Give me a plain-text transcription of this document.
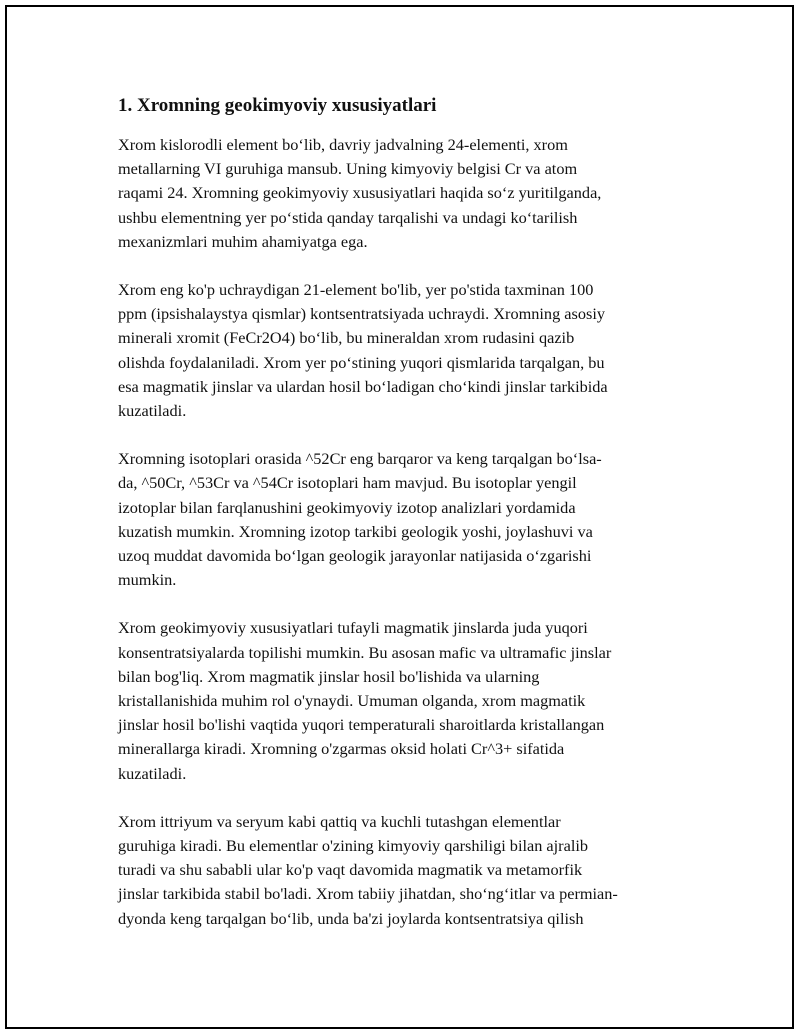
1. Xromning geokimyoviy xususiyatlari

Xrom kislorodli element bo‘lib, davriy jadvalning 24-elementi, xrom
metallarning VI guruhiga mansub. Uning kimyoviy belgisi Cr va atom
raqami 24. Xromning geokimyoviy xususiyatlari haqida so‘z yuritilganda,
ushbu elementning yer po‘stida qanday tarqalishi va undagi ko‘tarilish
mexanizmlari muhim ahamiyatga ega.

Xrom eng ko'p uchraydigan 21-element bo'lib, yer po'stida taxminan 100
ppm (ipsishalaystya qismlar) kontsentratsiyada uchraydi. Xromning asosiy
minerali xromit (FeCr2O4) bo‘lib, bu mineraldan xrom rudasini qazib
olishda foydalaniladi. Xrom yer po‘stining yuqori qismlarida tarqalgan, bu
esa magmatik jinslar va ulardan hosil bo‘ladigan cho‘kindi jinslar tarkibida
kuzatiladi.

Xromning isotoplari orasida ^52Cr eng barqaror va keng tarqalgan bo‘lsa-
da, ^50Cr, ^53Cr va ^54Cr isotoplari ham mavjud. Bu isotoplar yengil
izotoplar bilan farqlanushini geokimyoviy izotop analizlari yordamida
kuzatish mumkin. Xromning izotop tarkibi geologik yoshi, joylashuvi va
uzoq muddat davomida bo‘lgan geologik jarayonlar natijasida o‘zgarishi
mumkin.

Xrom geokimyoviy xususiyatlari tufayli magmatik jinslarda juda yuqori
konsentratsiyalarda topilishi mumkin. Bu asosan mafic va ultramafic jinslar
bilan bog'liq. Xrom magmatik jinslar hosil bo'lishida va ularning
kristallanishida muhim rol o'ynaydi. Umuman olganda, xrom magmatik
jinslar hosil bo'lishi vaqtida yuqori temperaturali sharoitlarda kristallangan
minerallarga kiradi. Xromning o'zgarmas oksid holati Cr^3+ sifatida
kuzatiladi.

Xrom ittriyum va seryum kabi qattiq va kuchli tutashgan elementlar
guruhiga kiradi. Bu elementlar o'zining kimyoviy qarshiligi bilan ajralib
turadi va shu sababli ular ko'p vaqt davomida magmatik va metamorfik
jinslar tarkibida stabil bo'ladi. Xrom tabiiy jihatdan, sho‘ng‘itlar va permian-
dyonda keng tarqalgan bo‘lib, unda ba'zi joylarda kontsentratsiya qilish
